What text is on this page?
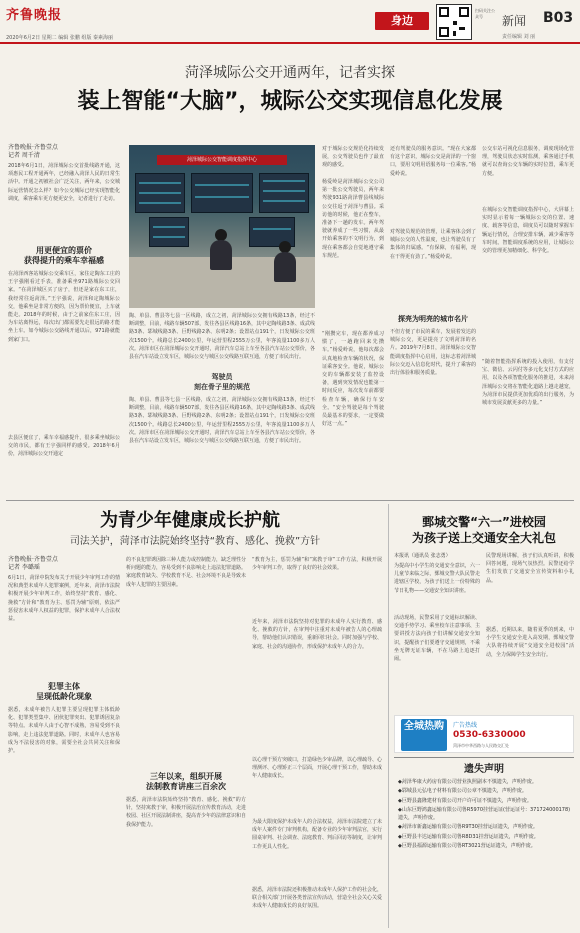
齐鲁晚报
2020年6月2日 星期二 编辑 张鹏 组版 秦素海丽
身边
扫码关注公众号	新闻 B03
责任编辑 刘 丽
菏泽城际公交开通两年，记者实探
装上智能“大脑”，城际公交实现信息化发展
齐鲁晚报·齐鲁壹点
记者 周千清
2018年6月1日，菏泽城际公交首批线路开通，这项惠民工程开通两年，已经融入菏泽人民的日常生活中。开通之初被社会广泛关注，两年来，公交城际运营情况怎么样？如今公交城际已经实现智能化调度，乘客乘车更方便更安全，记者进行了走访。
用更便宜的票价
获得提升的乘车幸福感
在菏泽西客站城际公交乘车区，家住定陶东工庄的王宇强刚看过手表，准备乘坐971路城际公交回家。“在菏泽城区买了房子，但还是家在东工庄，我经常往返菏泽。”王宇强说，菏泽和定陶城际公交，他乘坐是非常方便的，因为票价便宜，上车就能走。2018年的时候，由于之前家住东工庄，因为车站离得远，每次出门都需要先走很远的路才能坐上车。如今城际公交路线开通以后，971路就能到家门口。
去县区便宜了，乘车幸福感提升，很多乘坐城际公交的市民，都有王宇强同样的感受。2018年6月份，菏泽城际公交开通定
菏泽城际公交智能调度指挥中心
陶、单县、曹县等七县一区线路，成立之初，菏泽城际公交拥有线路13条，经过不断调整，目前，线路车辆507部，发往各县区线路16条，其中定陶线路3条、成武线路3条、郓城线路3条、巨野线路2条、东明2条；设置站点191个，日发城际公交班次1500个。线路总长2400公里，年运营里程2555万公里，年客流量1100多万人次。菏泽市区在菏泽城际公交开通时，菏泽汽车总站上车至各县汽车站公交票价，各县在汽车站设立发车区，城际公交与城区公交线路互联互通，方便了市民出行。
驾驶员
刻在骨子里的规范
陶、单县、曹县等七县一区线路，成立之初，菏泽城际公交拥有线路13条，经过不断调整，目前，线路车辆507部，发往各县区线路16条，其中定陶线路3条、成武线路3条、郓城线路3条、巨野线路2条、东明2条；设置站点191个，日发城际公交班次1500个。线路总长2400公里，年运营里程2555万公里，年客流量1100多万人次。菏泽市区在菏泽城际公交开通时，菏泽汽车总站上车至各县汽车站公交票价，各县在汽车站设立发车区，城际公交与城区公交线路互联互通，方便了市民出行。
对于城际公交规范化持续发展，公交驾驶员也作了最直观的感受。
杨爱岭是菏泽城际公交公司第一批公交驾驶员，两年来驾驶931路菏泽曹县线城际公交往返于菏泽与曹县。采访他的时候，他正在整车，准备下一趟的发车。两年驾驶就养成了一些习惯，从最开始乘客的不文明行为，到现在乘客都会自觉地遵守乘车规范。
“刚攒完车，现在都养成习惯了，一趟跑回来先攒车。”杨爱岭说，他每次都会认真地检查车辆的状况，保证乘客安全。他说，城际公交的车辆都安装了监控设备，遇到突发情况也能第一时间反应，每次发车前都要检查车辆，确保行车安全。“安全驾驶是每个驾驶员最基本的要求，一定要做好这一点。”
还有驾驶员的服务意识。“现在大家都有这个意识，城际公交是菏泽的一个窗口，要用文明用语服务每一位乘客。”杨爱岭说。
对驾驶员规范的管理，让乘客体会到了城际公交的人性温度，也让驾驶员有了集体的归属感。“有保障，有福利，现在干得更有劲了。”杨爱岭说。
探亮为明亮的城市名片
不但方便了市民的乘车，发展着发达的城际公交，更是提亮了文明菏泽的名片。2019年7月8日，菏泽城际公交智能调度指挥中心启用，这标志着菏泽城际公交迈入信息化时代，提升了乘客的出行体验和服务质量。
公交车站可视化信息服务，调度现场化管理，驾驶员状态实时监测，乘客通过手机就可以查询公交车辆的实时位置，乘车更方便。
在城际公交智能调度指挥中心，大屏幕上实时显示着每一辆城际公交的位置、速度、载客等信息，调度员可以随时掌握车辆运行情况，合理安排车辆，减少乘客等车时间。智能调度系统的应用，让城际公交的管理更加精细化、科学化。
“随着智能指挥系统的投入使用，有支付宝、微信、云闪付等多元化支付方式的应用，以及各项智能化服务的推进，未来菏泽城际公交将在智能化道路上越走越宽，为菏泽市民提供更加优质的出行服务，为城市发展贡献更多的力量。”
为青少年健康成长护航
司法关护，菏泽市法院始终坚持“教育、感化、挽救”方针
齐鲁晚报·齐鲁壹点
记者 李璐瑶
6月1日，菏泽中院发布关于开展少年审判工作的情况和典型未成年人犯罪案例，近年来，菏泽市法院积极开展少年审判工作，始终坚持“教育、感化、挽救”方针和“教育为主、惩罚为辅”原则，依法严惩侵害未成年人权益的犯罪，保护未成年人合法权益。
犯罪主体
呈现低龄化现象
据悉，未成年被告人犯罪主要呈现犯罪主体低龄化、犯罪类型集中、团伙犯罪突出、犯罪诱因复杂等特点。未成年人由于心智不成熟，容易受到不良影响，走上违法犯罪道路。同时，未成年人也容易成为不法侵害的对象，需要全社会共同关注和保护。
的不良犯罪诱因除三种人能力或控制能力，缺乏理性分析问题的能力，容易受到不良影响走上违法犯罪道路。家庭教育缺失、学校教育不足、社会环境不良是导致未成年人犯罪的主要因素。
三年以来，组织开展
法制教育讲座三百余次
据悉，菏泽市法院始终坚持“教育、感化、挽救”的方针，坚持寓教于审，积极开展法治宣传教育活动，走进校园、社区开展法制讲座，提高青少年的法律意识和自我保护能力。
“教育为主，惩罚为辅”和“寓教于审”工作方法，积极开展少年审判工作，取得了良好的社会效果。
近年来，菏泽市法院坚持对犯罪的未成年人实行教育、感化、挽救的方针，在审判中注重对未成年被告人的心理疏导，帮助他们认识错误，重新回归社会。同时加强与学校、家庭、社会的沟通协作，形成保护未成年人的合力。
以心理干预方突破口，打造绿色少审品牌，以心理疏导、心理测评、心理矫正三个层面，开展心理干预工作，帮助未成年人健康成长。
为最大限度保护未成年人的合法权益，菏泽市法院建立了未成年人案件专门审判机构，配备专业的少年审判法官，实行圆桌审判、社会调查、法庭教育、判后回访等制度，让审判工作更具人性化。
据悉，菏泽市法院还积极推动未成年人保护工作的社会化，联合相关部门开展各类普法宣传活动，营造全社会关心关爱未成年人健康成长的良好氛围。
鄄城交警“六一”进校园
为孩子送上交通安全大礼包
本报讯（通讯员 张志勇）
为提高中小学生的交通安全意识，六一儿童节来临之际，鄄城交警大队民警走进辖区学校，为孩子们送上一份特殊的节日礼物——交通安全知识讲座。
活动现场，民警采用了交通标识解读、交通手势学习、乘坐校车注意事项、主要讲授方法向孩子们讲解交通安全知识，提醒孩子们要遵守交通规则，不乘坐无牌无证车辆，不在马路上追逐打闹。
民警现场讲解，孩子们认真听讲，积极回答问题，现场气氛热烈。民警还给学生们发放了交通安全宣传资料和小礼品。
据悉，近期以来，随着夏季的到来，中小学生交通安全进入高发期，鄄城交警大队将持续开展“交通安全进校园”活动，全力保障学生安全出行。
全城热购	广告热线
0530-6330000
菏泽市中华西路与人民路交汇处
遗失声明

◆菏泽华康大药房有限公司营业执照副本不慎遗失，声明作废。

◆郓城县元弘电子材料有限公司公章不慎遗失，声明作废。

◆巨野县鑫隆建材有限公司开户许可证不慎遗失，声明作废。

◆山东巨野鸿鑫运输有限公司鲁R5970挂营运证(营运证号：371724000178)遗失，声明作废。

◆菏泽市新鑫运输有限公司鲁R9T30挂营运证遗失，声明作废。

◆巨野县丰达运输有限公司鲁R8D31挂营运证遗失，声明作废。

◆巨野县福源运输有限公司鲁RT3021营运证遗失，声明作废。
